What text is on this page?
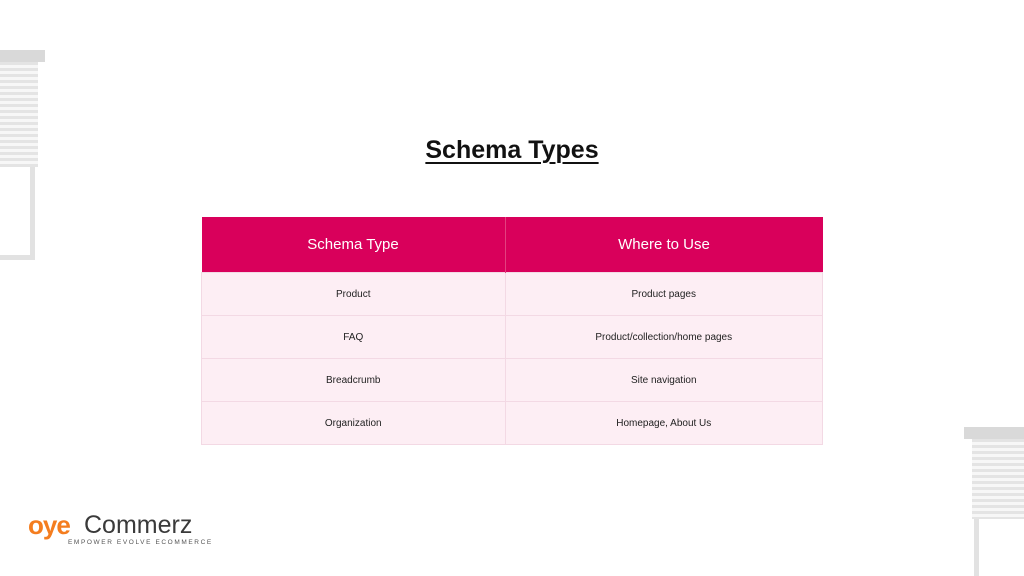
Schema Types
Schema Type	Where to Use
Product	Product pages
FAQ	Product/collection/home pages
Breadcrumb	Site navigation
Organization	Homepage, About Us
oye Commerz
EMPOWER EVOLVE ECOMMERCE
